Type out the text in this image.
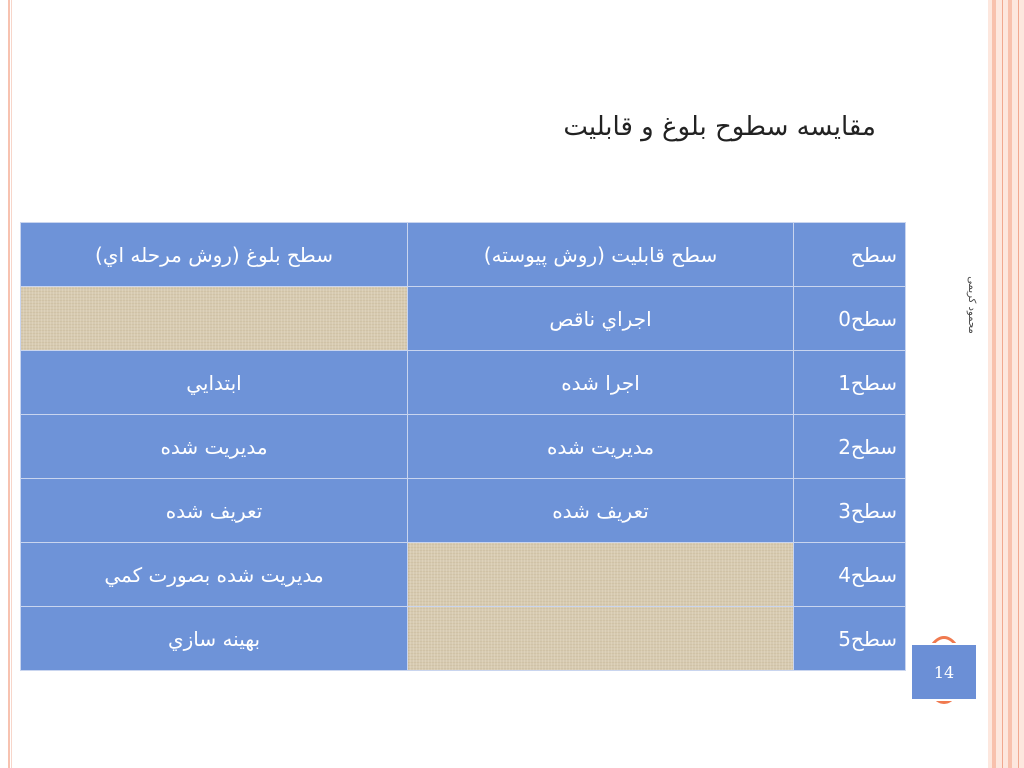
مقايسه سطوح بلوغ و قابليت
محمود کریمی
سطح	سطح قابليت (روش پيوسته)	سطح بلوغ (روش مرحله اي)
سطح0	اجراي ناقص	
سطح1	اجرا شده	ابتدايي
سطح2	مديريت شده	مديريت شده
سطح3	تعريف شده	تعريف شده
سطح4		مديريت شده بصورت کمي
سطح5		بهينه سازي
14
